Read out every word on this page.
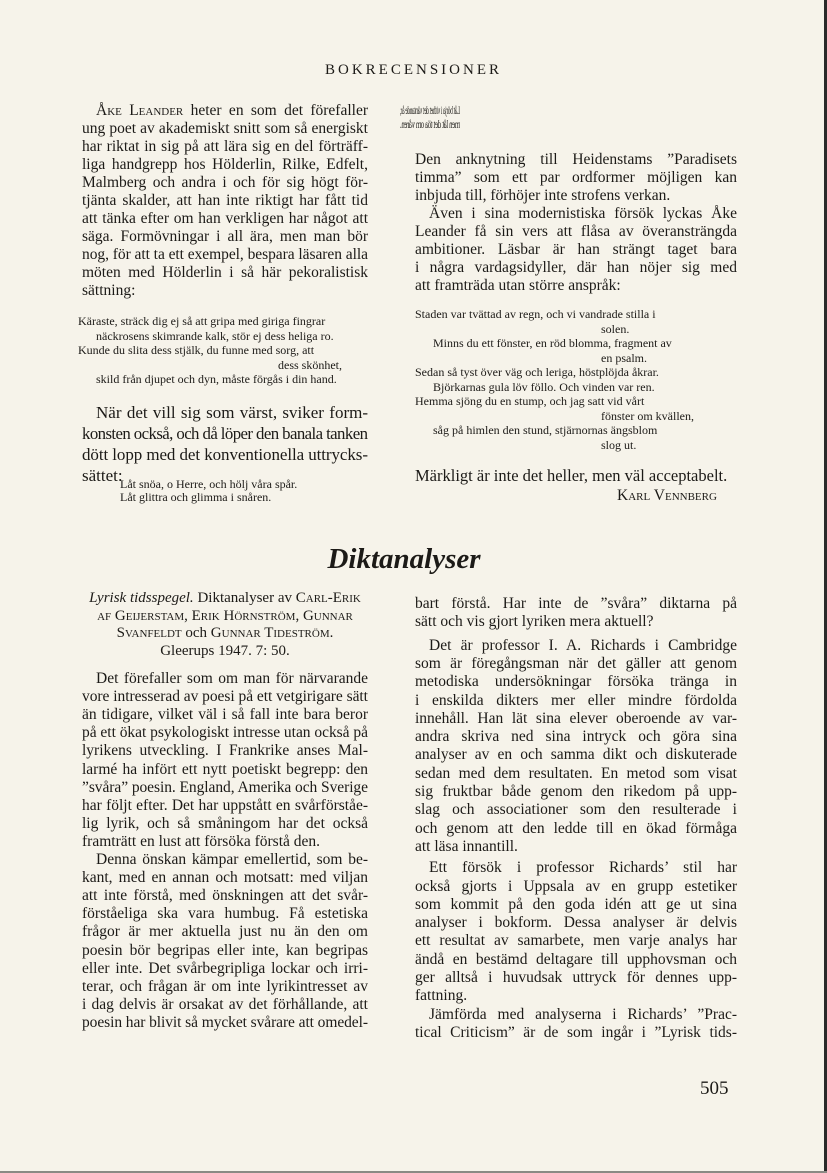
BOKRECENSIONER
Diktanalyser
505
Märkligt är inte det heller, men väl acceptabelt.
Karl Vennberg
Åke Leander heter en som det förefaller
ung poet av akademiskt snitt som så energiskt
har riktat in sig på att lära sig en del förträff-
liga handgrepp hos Hölderlin, Rilke, Edfelt,
Malmberg och andra i och för sig högt för-
tjänta skalder, att han inte riktigt har fått tid
att tänka efter om han verkligen har något att
säga. Formövningar i all ära, men man bör
nog, för att ta ett exempel, bespara läsaren alla
möten med Hölderlin i så här pekoralistisk
sättning:
Käraste, sträck dig ej så att gripa med giriga fingrar
näckrosens skimrande kalk, stör ej dess heliga ro.
Kunde du slita dess stjälk, du funne med sorg, att
dess skönhet,
skild från djupet och dyn, måste förgås i din hand.
När det vill sig som värst, sviker form-
konsten också, och då löper den banala tanken
dött lopp med det konventionella uttrycks-
sättet:
Låt snöa, o Herre, och hölj våra spår.
Låt glittra och glimma i snåren.
Låt börja i vithet det väntande år,
men låt det töa om våren.
Den anknytning till Heidenstams ”Paradisets
timma” som ett par ordformer möjligen kan
inbjuda till, förhöjer inte strofens verkan.
Även i sina modernistiska försök lyckas Åke
Leander få sin vers att flåsa av överansträngda
ambitioner. Läsbar är han strängt taget bara
i några vardagsidyller, där han nöjer sig med
att framträda utan större anspråk:
Staden var tvättad av regn, och vi vandrade stilla i
solen.
Minns du ett fönster, en röd blomma, fragment av
en psalm.
Sedan så tyst över väg och leriga, höstplöjda åkrar.
Björkarnas gula löv föllo. Och vinden var ren.
Hemma sjöng du en stump, och jag satt vid vårt
fönster om kvällen,
såg på himlen den stund, stjärnornas ängsblom
slog ut.
Lyrisk tidsspegel. Diktanalyser av Carl-Erik
af Geijerstam, Erik Hörnström, Gunnar
Svanfeldt och Gunnar Tideström.
Gleerups 1947. 7: 50.
Det förefaller som om man för närvarande
vore intresserad av poesi på ett vetgirigare sätt
än tidigare, vilket väl i så fall inte bara beror
på ett ökat psykologiskt intresse utan också på
lyrikens utveckling. I Frankrike anses Mal-
larmé ha infört ett nytt poetiskt begrepp: den
”svåra” poesin. England, Amerika och Sverige
har följt efter. Det har uppstått en svårförståe-
lig lyrik, och så småningom har det också
framträtt en lust att försöka förstå den.
Denna önskan kämpar emellertid, som be-
kant, med en annan och motsatt: med viljan
att inte förstå, med önskningen att det svår-
förståeliga ska vara humbug. Få estetiska
frågor är mer aktuella just nu än den om
poesin bör begripas eller inte, kan begripas
eller inte. Det svårbegripliga lockar och irri-
terar, och frågan är om inte lyrikintresset av
i dag delvis är orsakat av det förhållande, att
poesin har blivit så mycket svårare att omedel-
bart förstå. Har inte de ”svåra” diktarna på
sätt och vis gjort lyriken mera aktuell?
Det är professor I. A. Richards i Cambridge
som är föregångsman när det gäller att genom
metodiska undersökningar försöka tränga in
i enskilda dikters mer eller mindre fördolda
innehåll. Han lät sina elever oberoende av var-
andra skriva ned sina intryck och göra sina
analyser av en och samma dikt och diskuterade
sedan med dem resultaten. En metod som visat
sig fruktbar både genom den rikedom på upp-
slag och associationer som den resulterade i
och genom att den ledde till en ökad förmåga
att läsa innantill.
Ett försök i professor Richards’ stil har
också gjorts i Uppsala av en grupp estetiker
som kommit på den goda idén att ge ut sina
analyser i bokform. Dessa analyser är delvis
ett resultat av samarbete, men varje analys har
ändå en bestämd deltagare till upphovsman och
ger alltså i huvudsak uttryck för dennes upp-
fattning.
Jämförda med analyserna i Richards’ ”Prac-
tical Criticism” är de som ingår i ”Lyrisk tids-
